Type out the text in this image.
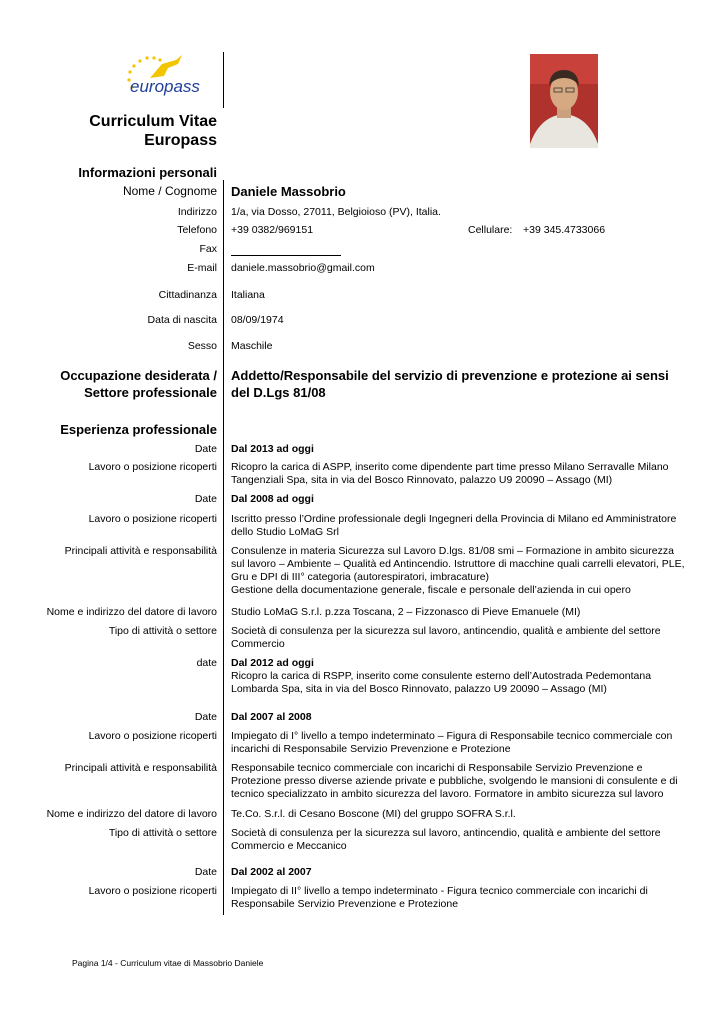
europass
Curriculum Vitae
Europass
Informazioni personali
Nome / Cognome Daniele Massobrio
Indirizzo 1/a, via Dosso, 27011, Belgioioso (PV), Italia.
Telefono +39 0382/969151	Cellulare: +39 345.4733066
Fax
E-mail daniele.massobrio@gmail.com
Cittadinanza Italiana
Data di nascita 08/09/1974
Sesso Maschile
Occupazione desiderata /
Settore professionale
Addetto/Responsabile del servizio di prevenzione e protezione ai sensi del D.Lgs 81/08
Esperienza professionale
Date Dal 2013 ad oggi
Lavoro o posizione ricoperti Ricopro la carica di ASPP, inserito come dipendente part time presso Milano Serravalle Milano Tangenziali Spa, sita in via del Bosco Rinnovato, palazzo U9 20090 – Assago (MI)
Date Dal 2008 ad oggi
Lavoro o posizione ricoperti Iscritto presso l’Ordine professionale degli Ingegneri della Provincia di Milano ed Amministratore dello Studio LoMaG Srl
Principali attività e responsabilità Consulenze in materia Sicurezza sul Lavoro D.lgs. 81/08 smi – Formazione in ambito sicurezza sul lavoro – Ambiente – Qualità ed Antincendio. Istruttore di macchine quali carrelli elevatori, PLE, Gru e DPI di III° categoria (autorespiratori, imbracature)
Gestione della documentazione generale, fiscale e personale dell’azienda in cui opero
Nome e indirizzo del datore di lavoro Studio LoMaG S.r.l. p.zza Toscana, 2 – Fizzonasco di Pieve Emanuele (MI)
Tipo di attività o settore Società di consulenza per la sicurezza sul lavoro, antincendio, qualità e ambiente del settore Commercio
date Dal 2012 ad oggi
Ricopro la carica di RSPP, inserito come consulente esterno dell’Autostrada Pedemontana Lombarda Spa, sita in via del Bosco Rinnovato, palazzo U9 20090 – Assago (MI)
Date Dal 2007 al 2008
Lavoro o posizione ricoperti Impiegato di I° livello a tempo indeterminato – Figura di Responsabile tecnico commerciale con incarichi di Responsabile Servizio Prevenzione e Protezione
Principali attività e responsabilità Responsabile tecnico commerciale con incarichi di Responsabile Servizio Prevenzione e Protezione presso diverse aziende private e pubbliche, svolgendo le mansioni di consulente e di tecnico specializzato in ambito sicurezza del lavoro. Formatore in ambito sicurezza sul lavoro
Nome e indirizzo del datore di lavoro Te.Co. S.r.l. di Cesano Boscone (MI) del gruppo SOFRA S.r.l.
Tipo di attività o settore Società di consulenza per la sicurezza sul lavoro, antincendio, qualità e ambiente del settore Commercio e Meccanico
Date Dal 2002 al 2007
Lavoro o posizione ricoperti Impiegato di II° livello a tempo indeterminato - Figura tecnico commerciale con incarichi di Responsabile Servizio Prevenzione e Protezione
Pagina 1/4 - Curriculum vitae di Massobrio Daniele
